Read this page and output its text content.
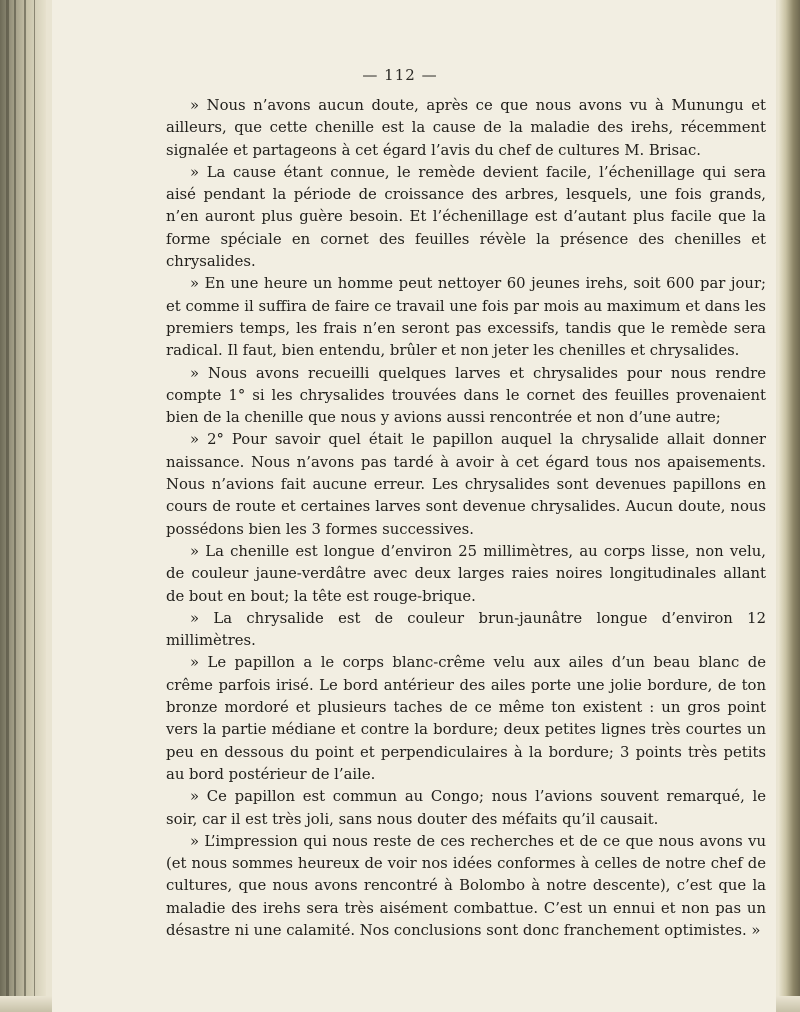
— 112 —

» Nous n’avons aucun doute, après ce que nous avons vu à Munungu et ailleurs, que cette chenille est la cause de la maladie des irehs, récemment signalée et partageons à cet égard l’avis du chef de cultures M. Brisac.

» La cause étant connue, le remède devient facile, l’échenillage qui sera aisé pendant la période de croissance des arbres, lesquels, une fois grands, n’en auront plus guère besoin. Et l’échenillage est d’autant plus facile que la forme spéciale en cornet des feuilles révèle la présence des chenilles et chrysalides.

» En une heure un homme peut nettoyer 60 jeunes irehs, soit 600 par jour; et comme il suffira de faire ce travail une fois par mois au maximum et dans les premiers temps, les frais n’en seront pas excessifs, tandis que le remède sera radical. Il faut, bien entendu, brûler et non jeter les chenilles et chrysalides.

» Nous avons recueilli quelques larves et chrysalides pour nous rendre compte 1° si les chrysalides trouvées dans le cornet des feuilles provenaient bien de la chenille que nous y avions aussi rencontrée et non d’une autre;

» 2° Pour savoir quel était le papillon auquel la chrysalide allait donner naissance. Nous n’avons pas tardé à avoir à cet égard tous nos apaisements. Nous n’avions fait aucune erreur. Les chrysalides sont devenues papillons en cours de route et certaines larves sont devenue chrysalides. Aucun doute, nous possédons bien les 3 formes successives.

» La chenille est longue d’environ 25 millimètres, au corps lisse, non velu, de couleur jaune-verdâtre avec deux larges raies noires longitudinales allant de bout en bout; la tête est rouge-brique.

» La chrysalide est de couleur brun-jaunâtre longue d’environ 12 millimètres.

» Le papillon a le corps blanc-crême velu aux ailes d’un beau blanc de crême parfois irisé. Le bord antérieur des ailes porte une jolie bordure, de ton bronze mordoré et plusieurs taches de ce même ton existent : un gros point vers la partie médiane et contre la bordure; deux petites lignes très courtes un peu en dessous du point et perpendiculaires à la bordure; 3 points très petits au bord postérieur de l’aile.

» Ce papillon est commun au Congo; nous l’avions souvent remarqué, le soir, car il est très joli, sans nous douter des méfaits qu’il causait.

» L’impression qui nous reste de ces recherches et de ce que nous avons vu (et nous sommes heureux de voir nos idées conformes à celles de notre chef de cultures, que nous avons rencontré à Bolombo à notre descente), c’est que la maladie des irehs sera très aisément combattue. C’est un ennui et non pas un désastre ni une calamité. Nos conclusions sont donc franchement optimistes. »
